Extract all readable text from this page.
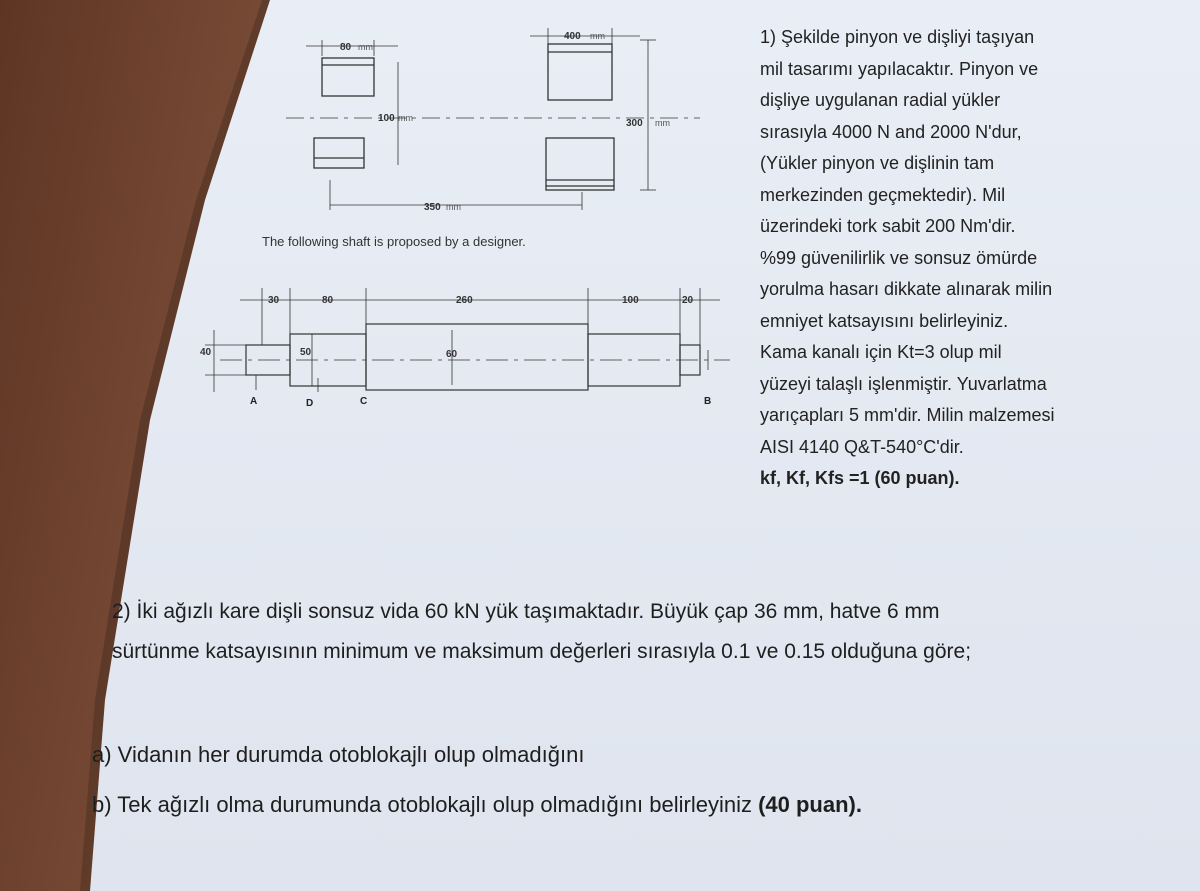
80 mm
100 mm
400 mm
300 mm
350 mm
The following shaft is proposed by a designer.
30	80	260	100	20
40	50	60
A	D	C	B
1) Şekilde pinyon ve dişliyi taşıyan
mil tasarımı yapılacaktır. Pinyon ve
dişliye uygulanan radial yükler
sırasıyla 4000 N and 2000 N'dur,
(Yükler pinyon ve dişlinin tam
merkezinden geçmektedir). Mil
üzerindeki tork sabit 200 Nm'dir.
%99 güvenilirlik ve sonsuz ömürde
yorulma hasarı dikkate alınarak milin
emniyet katsayısını belirleyiniz.
Kama kanalı için Kt=3 olup mil
yüzeyi talaşlı işlenmiştir. Yuvarlatma
yarıçapları 5 mm'dir. Milin malzemesi
AISI 4140 Q&T-540°C'dir.
kf, Kf, Kfs =1 (60 puan).
2) İki ağızlı kare dişli sonsuz vida 60 kN yük taşımaktadır. Büyük çap 36 mm, hatve 6 mm
sürtünme katsayısının minimum ve maksimum değerleri sırasıyla 0.1 ve 0.15 olduğuna göre;
a) Vidanın her durumda otoblokajlı olup olmadığını
b) Tek ağızlı olma durumunda otoblokajlı olup olmadığını belirleyiniz (40 puan).
